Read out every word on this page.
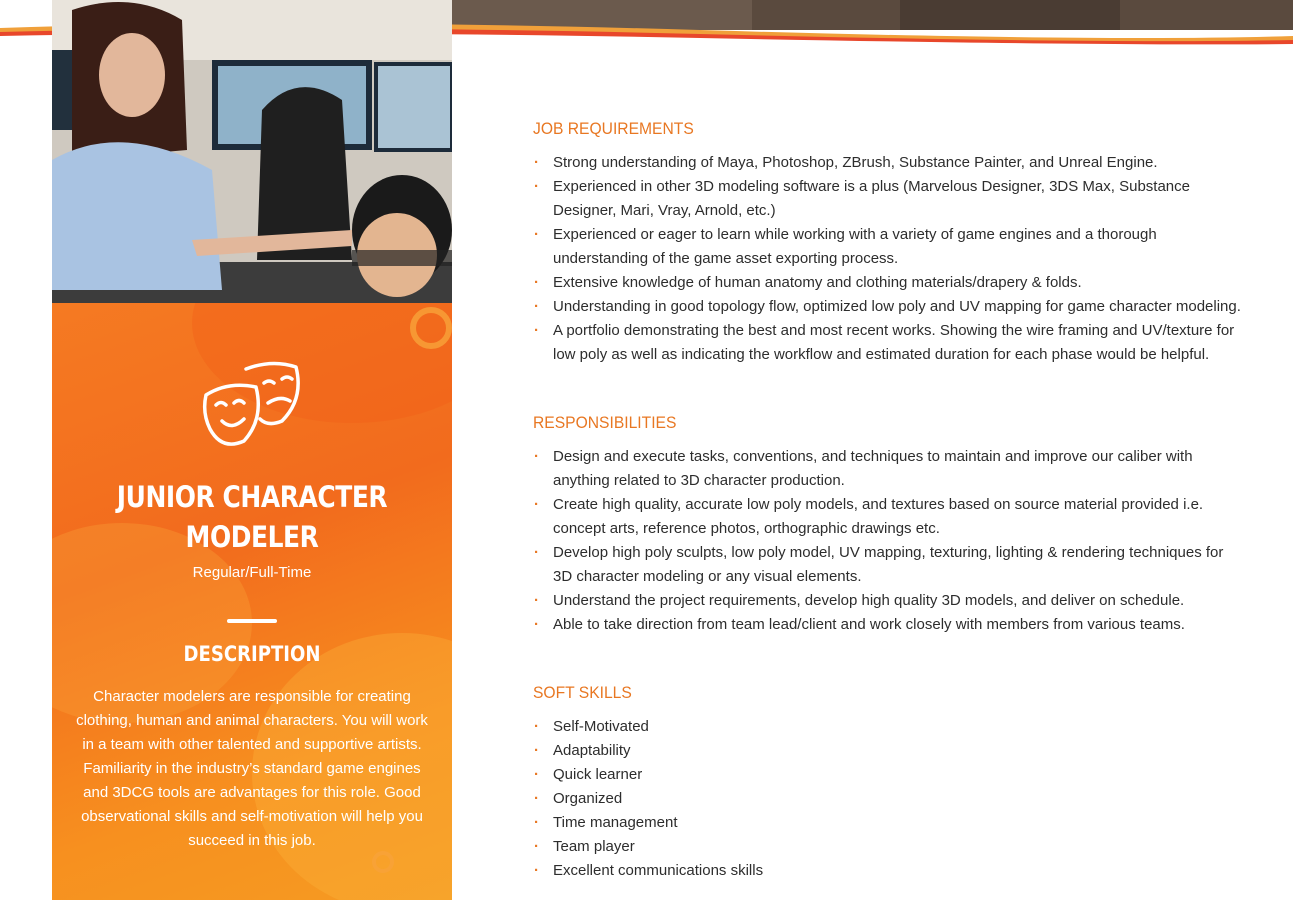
JUNIOR CHARACTER MODELER
Regular/Full-Time
DESCRIPTION
Character modelers are responsible for creating clothing, human and animal characters. You will work in a team with other talented and supportive artists. Familiarity in the industry’s standard game engines and 3DCG tools are advantages for this role. Good observational skills and self-motivation will help you succeed in this job.
JOB REQUIREMENTS
· Strong understanding of Maya, Photoshop, ZBrush, Substance Painter, and Unreal Engine.
· Experienced in other 3D modeling software is a plus (Marvelous Designer, 3DS Max, Substance Designer, Mari, Vray, Arnold, etc.)
· Experienced or eager to learn while working with a variety of game engines and a thorough understanding of the game asset exporting process.
· Extensive knowledge of human anatomy and clothing materials/drapery & folds.
· Understanding in good topology flow, optimized low poly and UV mapping for game character modeling.
· A portfolio demonstrating the best and most recent works. Showing the wire framing and UV/texture for low poly as well as indicating the workflow and estimated duration for each phase would be helpful.
RESPONSIBILITIES
· Design and execute tasks, conventions, and techniques to maintain and improve our caliber with anything related to 3D character production.
· Create high quality, accurate low poly models, and textures based on source material provided i.e. concept arts, reference photos, orthographic drawings etc.
· Develop high poly sculpts, low poly model, UV mapping, texturing, lighting & rendering techniques for 3D character modeling or any visual elements.
· Understand the project requirements, develop high quality 3D models, and deliver on schedule.
· Able to take direction from team lead/client and work closely with members from various teams.
SOFT SKILLS
· Self-Motivated
· Adaptability
· Quick learner
· Organized
· Time management
· Team player
· Excellent communications skills
